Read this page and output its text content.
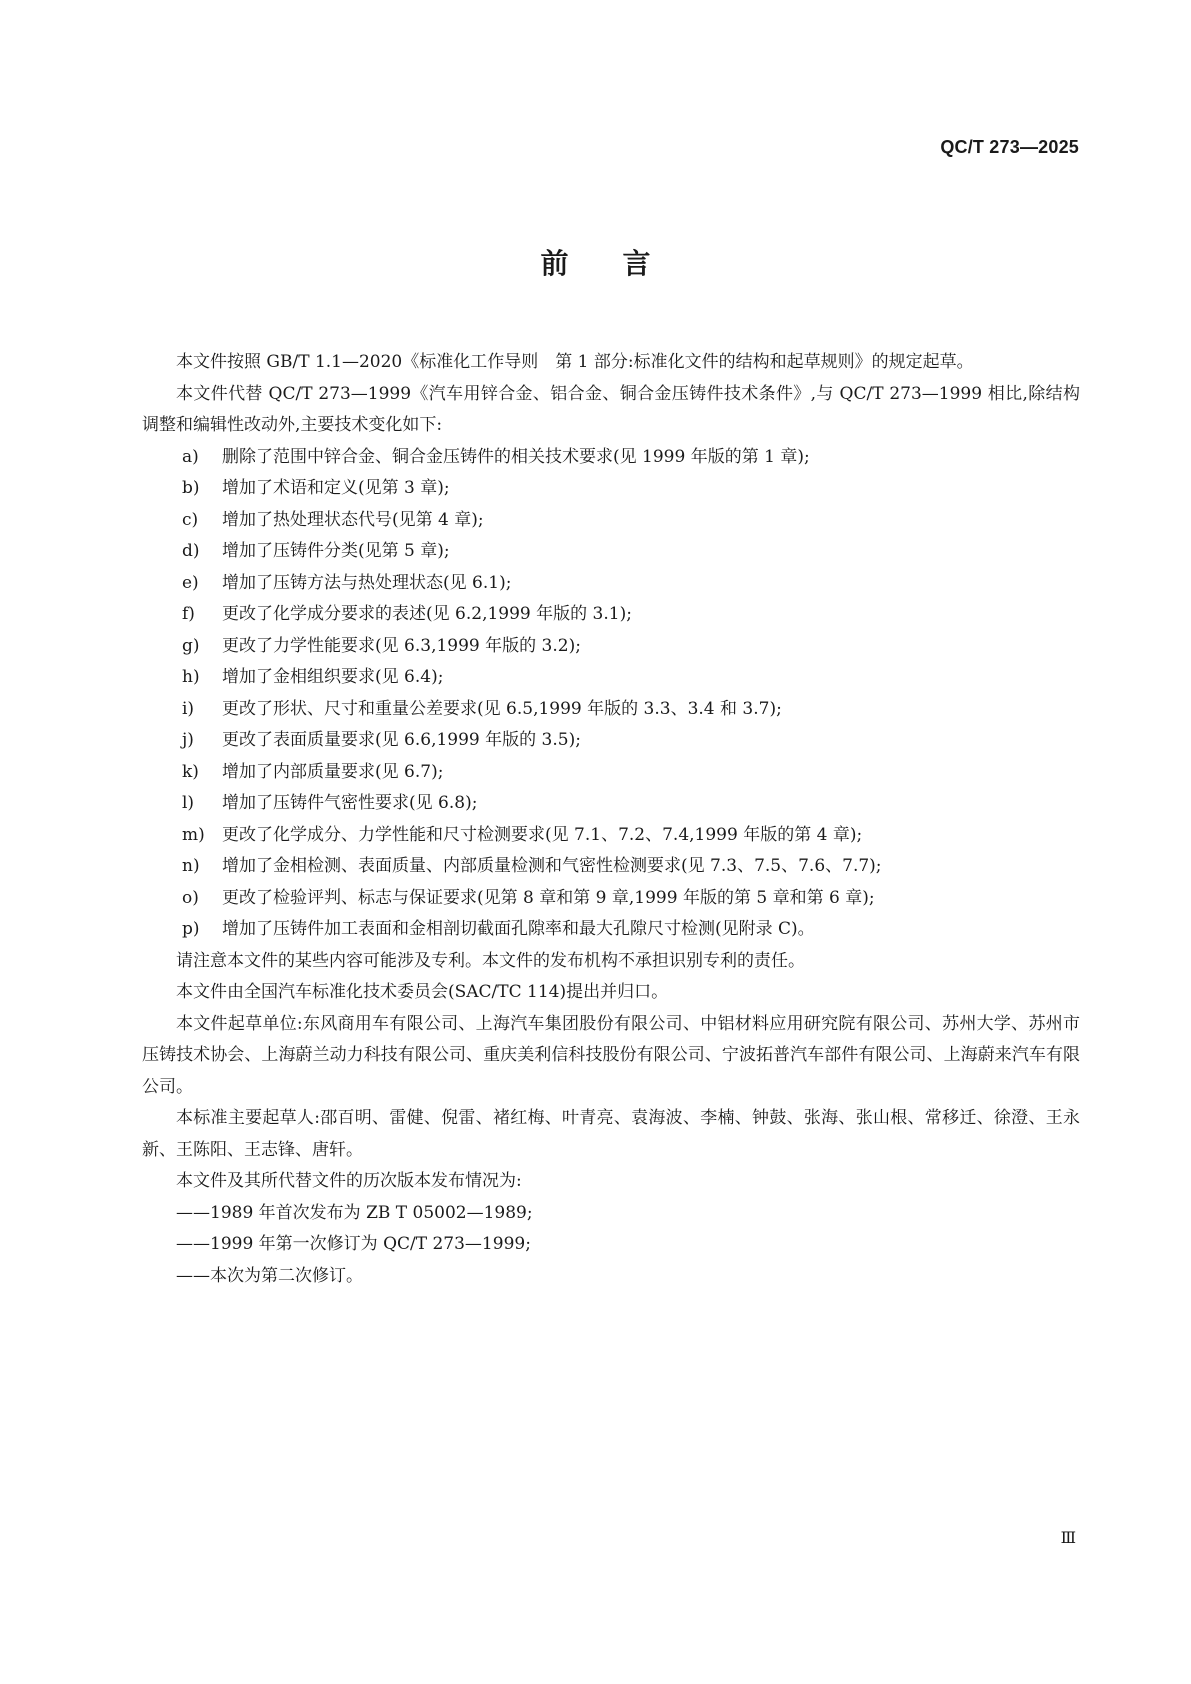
QC/T 273—2025
前言

本文件按照 GB/T 1.1—2020《标准化工作导则　第 1 部分:标准化文件的结构和起草规则》的规定起草。

本文件代替 QC/T 273—1999《汽车用锌合金、铝合金、铜合金压铸件技术条件》,与 QC/T 273—1999 相比,除结构调整和编辑性改动外,主要技术变化如下:

a)	删除了范围中锌合金、铜合金压铸件的相关技术要求(见 1999 年版的第 1 章);
b)	增加了术语和定义(见第 3 章);
c)	增加了热处理状态代号(见第 4 章);
d)	增加了压铸件分类(见第 5 章);
e)	增加了压铸方法与热处理状态(见 6.1);
f)	更改了化学成分要求的表述(见 6.2,1999 年版的 3.1);
g)	更改了力学性能要求(见 6.3,1999 年版的 3.2);
h)	增加了金相组织要求(见 6.4);
i)	更改了形状、尺寸和重量公差要求(见 6.5,1999 年版的 3.3、3.4 和 3.7);
j)	更改了表面质量要求(见 6.6,1999 年版的 3.5);
k)	增加了内部质量要求(见 6.7);
l)	增加了压铸件气密性要求(见 6.8);
m)	更改了化学成分、力学性能和尺寸检测要求(见 7.1、7.2、7.4,1999 年版的第 4 章);
n)	增加了金相检测、表面质量、内部质量检测和气密性检测要求(见 7.3、7.5、7.6、7.7);
o)	更改了检验评判、标志与保证要求(见第 8 章和第 9 章,1999 年版的第 5 章和第 6 章);
p)	增加了压铸件加工表面和金相剖切截面孔隙率和最大孔隙尺寸检测(见附录 C)。

请注意本文件的某些内容可能涉及专利。本文件的发布机构不承担识别专利的责任。

本文件由全国汽车标准化技术委员会(SAC/TC 114)提出并归口。

本文件起草单位:东风商用车有限公司、上海汽车集团股份有限公司、中铝材料应用研究院有限公司、苏州大学、苏州市压铸技术协会、上海蔚兰动力科技有限公司、重庆美利信科技股份有限公司、宁波拓普汽车部件有限公司、上海蔚来汽车有限公司。

本标准主要起草人:邵百明、雷健、倪雷、褚红梅、叶青亮、袁海波、李楠、钟鼓、张海、张山根、常移迁、徐澄、王永新、王陈阳、王志锋、唐轩。

本文件及其所代替文件的历次版本发布情况为:

——1989 年首次发布为 ZB T 05002—1989;
——1999 年第一次修订为 QC/T 273—1999;
——本次为第二次修订。
Ⅲ
